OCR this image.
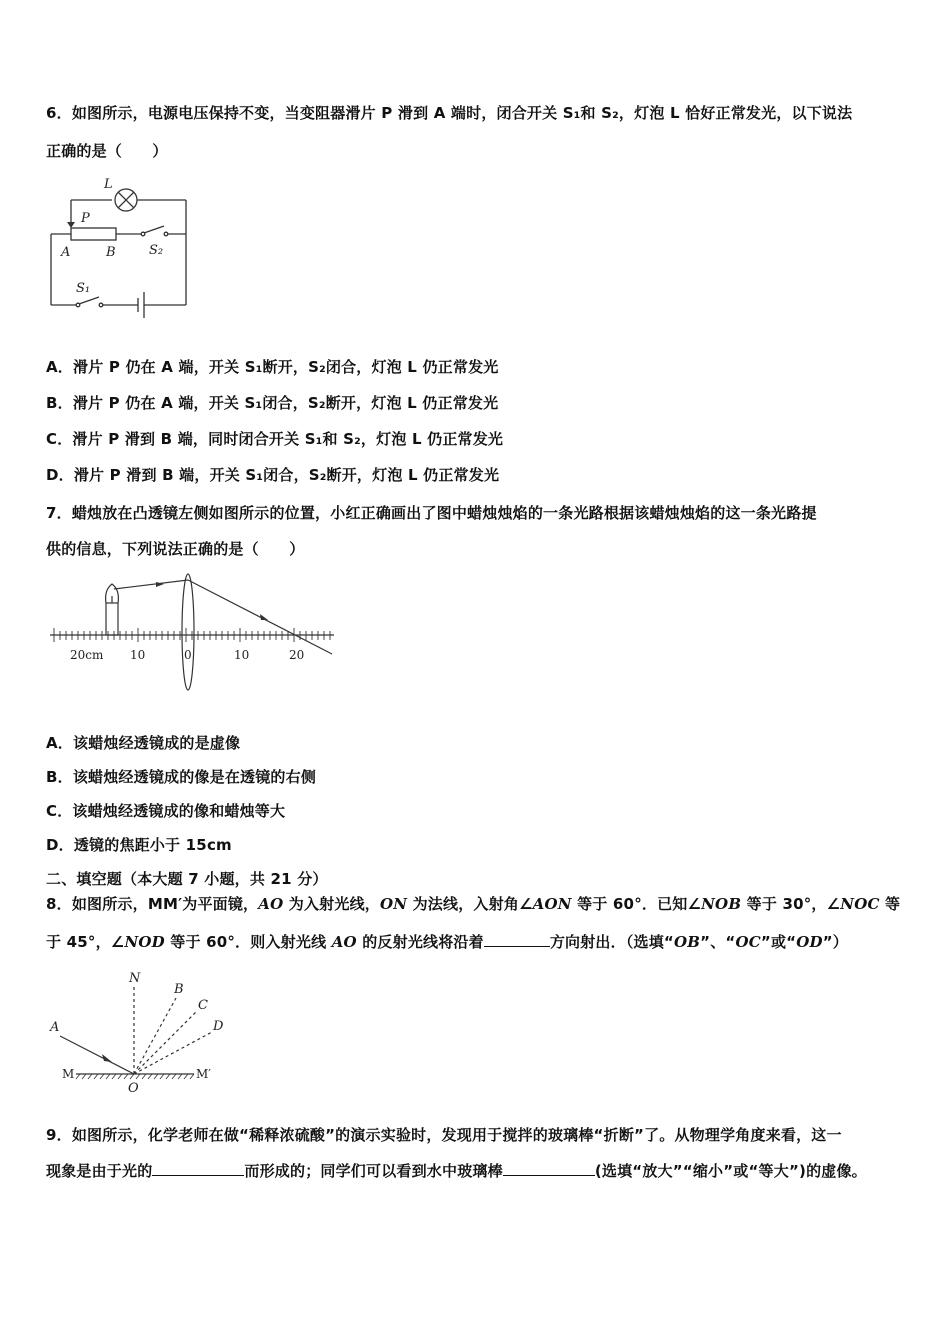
6．如图所示，电源电压保持不变，当变阻器滑片 P 滑到 A 端时，闭合开关 S₁和 S₂，灯泡 L 恰好正常发光，以下说法
正确的是（　　）
L
P
A	B	S₂
S₁
A．滑片 P 仍在 A 端，开关 S₁断开，S₂闭合，灯泡 L 仍正常发光
B．滑片 P 仍在 A 端，开关 S₁闭合，S₂断开，灯泡 L 仍正常发光
C．滑片 P 滑到 B 端，同时闭合开关 S₁和 S₂，灯泡 L 仍正常发光
D．滑片 P 滑到 B 端，开关 S₁闭合，S₂断开，灯泡 L 仍正常发光
7．蜡烛放在凸透镜左侧如图所示的位置，小红正确画出了图中蜡烛烛焰的一条光路根据该蜡烛烛焰的这一条光路提
供的信息，下列说法正确的是（　　）
20cm 10	0	10	20
A．该蜡烛经透镜成的是虚像
B．该蜡烛经透镜成的像是在透镜的右侧
C．该蜡烛经透镜成的像和蜡烛等大
D．透镜的焦距小于 15cm
二、填空题（本大题 7 小题，共 21 分）
8．如图所示，MM′为平面镜，AO 为入射光线，ON 为法线，入射角∠AON 等于 60°．已知∠NOB 等于 30°，∠NOC 等
于 45°，∠NOD 等于 60°．则入射光线 AO 的反射光线将沿着	方向射出．（选填“OB”、“OC”或“OD”）
N
A
B
C
D
M	M′
O
9．如图所示，化学老师在做“稀释浓硫酸”的演示实验时，发现用于搅拌的玻璃棒“折断”了。从物理学角度来看，这一
现象是由于光的	而形成的；同学们可以看到水中玻璃棒	(选填“放大”“缩小”或“等大”)的虚像。
